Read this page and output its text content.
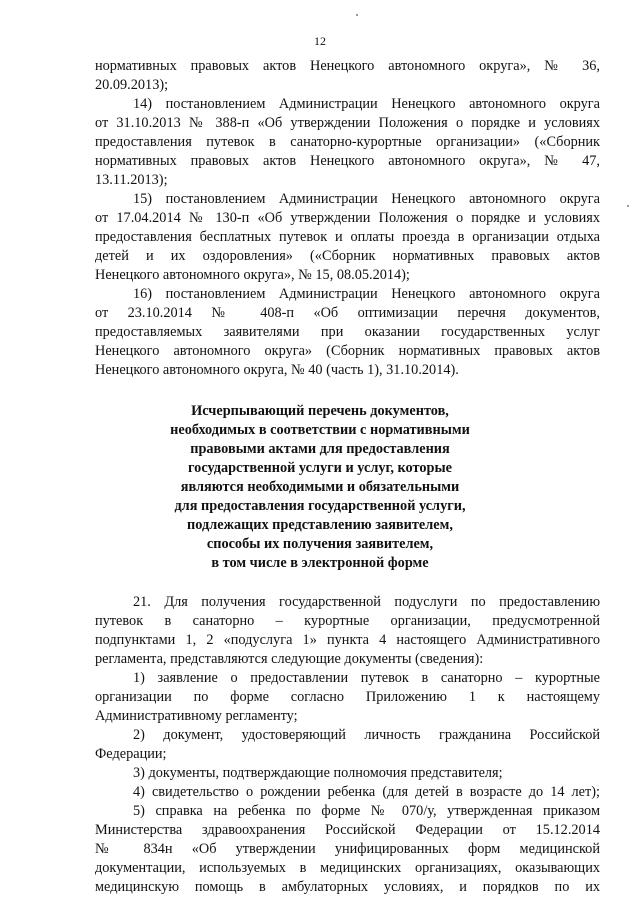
12

нормативных правовых актов Ненецкого автономного округа», № 36,

20.09.2013);

14) постановлением Администрации Ненецкого автономного округа

от 31.10.2013 № 388-п «Об утверждении Положения о порядке и условиях

предоставления путевок в санаторно-курортные организации» («Сборник

нормативных правовых актов Ненецкого автономного округа», № 47,

13.11.2013);

15) постановлением Администрации Ненецкого автономного округа

от 17.04.2014 № 130-п «Об утверждении Положения о порядке и условиях

предоставления бесплатных путевок и оплаты проезда в организации отдыха

детей и их оздоровления» («Сборник нормативных правовых актов

Ненецкого автономного округа», № 15, 08.05.2014);

16) постановлением Администрации Ненецкого автономного округа

от 23.10.2014 № 408-п «Об оптимизации перечня документов,

предоставляемых заявителями при оказании государственных услуг

Ненецкого автономного округа» (Сборник нормативных правовых актов

Ненецкого автономного округа, № 40 (часть 1), 31.10.2014).

Исчерпывающий перечень документов,

необходимых в соответствии с нормативными

правовыми актами для предоставления

государственной услуги и услуг, которые

являются необходимыми и обязательными

для предоставления государственной услуги,

подлежащих представлению заявителем,

способы их получения заявителем,

в том числе в электронной форме

21. Для получения государственной подуслуги по предоставлению

путевок в санаторно – курортные организации, предусмотренной

подпунктами 1, 2 «подуслуга 1» пункта 4 настоящего Административного

регламента, представляются следующие документы (сведения):

1) заявление о предоставлении путевок в санаторно – курортные

организации по форме согласно Приложению 1 к настоящему

Административному регламенту;

2) документ, удостоверяющий личность гражданина Российской

Федерации;

3) документы, подтверждающие полномочия представителя;

4) свидетельство о рождении ребенка (для детей в возрасте до 14 лет);

5) справка на ребенка по форме № 070/у, утвержденная приказом

Министерства здравоохранения Российской Федерации от 15.12.2014

№ 834н «Об утверждении унифицированных форм медицинской

документации, используемых в медицинских организациях, оказывающих

медицинскую помощь в амбулаторных условиях, и порядков по их
